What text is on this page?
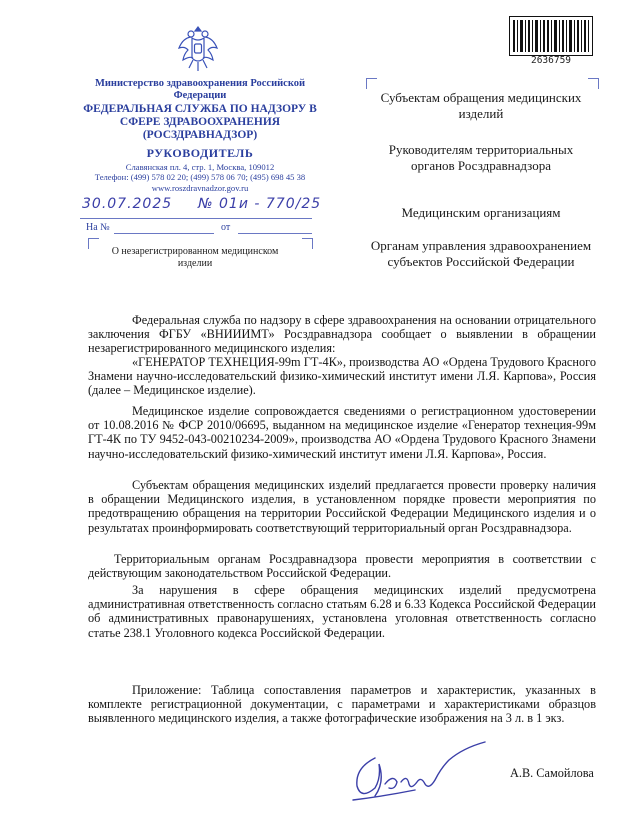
Министерство здравоохранения Российской Федерации
ФЕДЕРАЛЬНАЯ СЛУЖБА ПО НАДЗОРУ В СФЕРЕ ЗДРАВООХРАНЕНИЯ (РОСЗДРАВНАДЗОР)
РУКОВОДИТЕЛЬ
Славянская пл. 4, стр. 1, Москва, 109012
Телефон: (499) 578 02 20; (499) 578 06 70; (495) 698 45 38
www.roszdravnadzor.gov.ru
30.07.2025 № 01и - 770/25
На №	от
О незарегистрированном медицинском изделии
2636759
Субъектам обращения медицинских изделий
Руководителям территориальных органов Росздравнадзора
Медицинским организациям
Органам управления здравоохранением субъектов Российской Федерации
Федеральная служба по надзору в сфере здравоохранения на основании отрицательного заключения ФГБУ «ВНИИИМТ» Росздравнадзора сообщает о выявлении в обращении незарегистрированного медицинского изделия:
«ГЕНЕРАТОР ТЕХНЕЦИЯ-99m ГТ-4К», производства АО «Ордена Трудового Красного Знамени научно-исследовательский физико-химический институт имени Л.Я. Карпова», Россия (далее – Медицинское изделие).
Медицинское изделие сопровождается сведениями о регистрационном удостоверении от 10.08.2016 № ФСР 2010/06695, выданном на медицинское изделие «Генератор технеция-99м ГТ-4К по ТУ 9452-043-00210234-2009», производства АО «Ордена Трудового Красного Знамени научно-исследовательский физико-химический институт имени Л.Я. Карпова», Россия.
Субъектам обращения медицинских изделий предлагается провести проверку наличия в обращении Медицинского изделия, в установленном порядке провести мероприятия по предотвращению обращения на территории Российской Федерации Медицинского изделия и о результатах проинформировать соответствующий территориальный орган Росздравнадзора.
Территориальным органам Росздравнадзора провести мероприятия в соответствии с действующим законодательством Российской Федерации.
За нарушения в сфере обращения медицинских изделий предусмотрена административная ответственность согласно статьям 6.28 и 6.33 Кодекса Российской Федерации об административных правонарушениях, установлена уголовная ответственность согласно статье 238.1 Уголовного кодекса Российской Федерации.
Приложение: Таблица сопоставления параметров и характеристик, указанных в комплекте регистрационной документации, с параметрами и характеристиками образцов выявленного медицинского изделия, а также фотографические изображения на 3 л. в 1 экз.
А.В. Самойлова
